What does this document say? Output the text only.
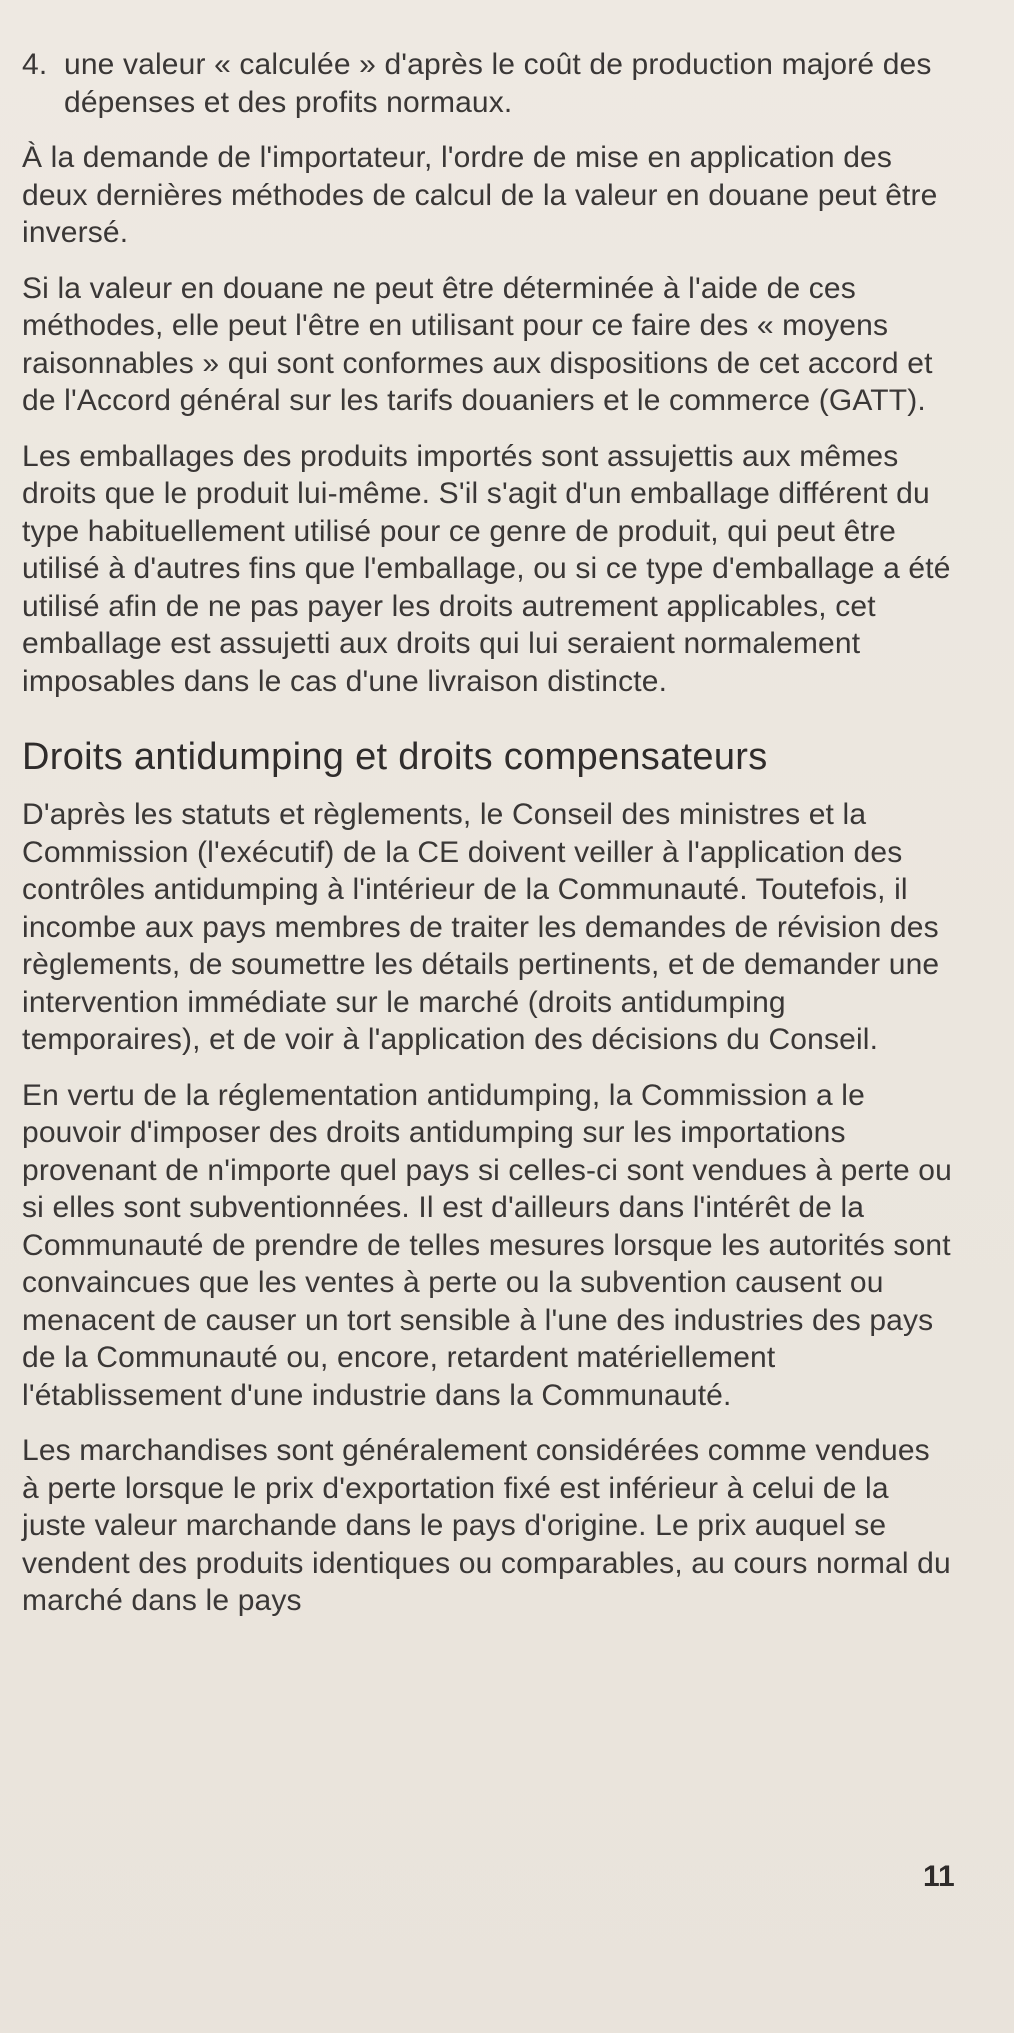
4. une valeur « calculée » d'après le coût de production majoré des dépenses et des profits normaux.

À la demande de l'importateur, l'ordre de mise en application des deux dernières méthodes de calcul de la valeur en douane peut être inversé.

Si la valeur en douane ne peut être déterminée à l'aide de ces méthodes, elle peut l'être en utilisant pour ce faire des « moyens raisonnables » qui sont conformes aux dispositions de cet accord et de l'Accord général sur les tarifs douaniers et le commerce (GATT).

Les emballages des produits importés sont assujettis aux mêmes droits que le produit lui-même. S'il s'agit d'un emballage différent du type habituellement utilisé pour ce genre de produit, qui peut être utilisé à d'autres fins que l'emballage, ou si ce type d'emballage a été utilisé afin de ne pas payer les droits autrement applicables, cet emballage est assujetti aux droits qui lui seraient normalement imposables dans le cas d'une livraison distincte.

Droits antidumping et droits compensateurs

D'après les statuts et règlements, le Conseil des ministres et la Commission (l'exécutif) de la CE doivent veiller à l'application des contrôles antidumping à l'intérieur de la Communauté. Toutefois, il incombe aux pays membres de traiter les demandes de révision des règlements, de soumettre les détails pertinents, et de demander une intervention immédiate sur le marché (droits antidumping temporaires), et de voir à l'application des décisions du Conseil.

En vertu de la réglementation antidumping, la Commission a le pouvoir d'imposer des droits antidumping sur les importations provenant de n'importe quel pays si celles-ci sont vendues à perte ou si elles sont subventionnées. Il est d'ailleurs dans l'intérêt de la Communauté de prendre de telles mesures lorsque les autorités sont convaincues que les ventes à perte ou la subvention causent ou menacent de causer un tort sensible à l'une des industries des pays de la Communauté ou, encore, retardent matériellement l'établissement d'une industrie dans la Communauté.

Les marchandises sont généralement considérées comme vendues à perte lorsque le prix d'exportation fixé est inférieur à celui de la juste valeur marchande dans le pays d'origine. Le prix auquel se vendent des produits identiques ou comparables, au cours normal du marché dans le pays

11
